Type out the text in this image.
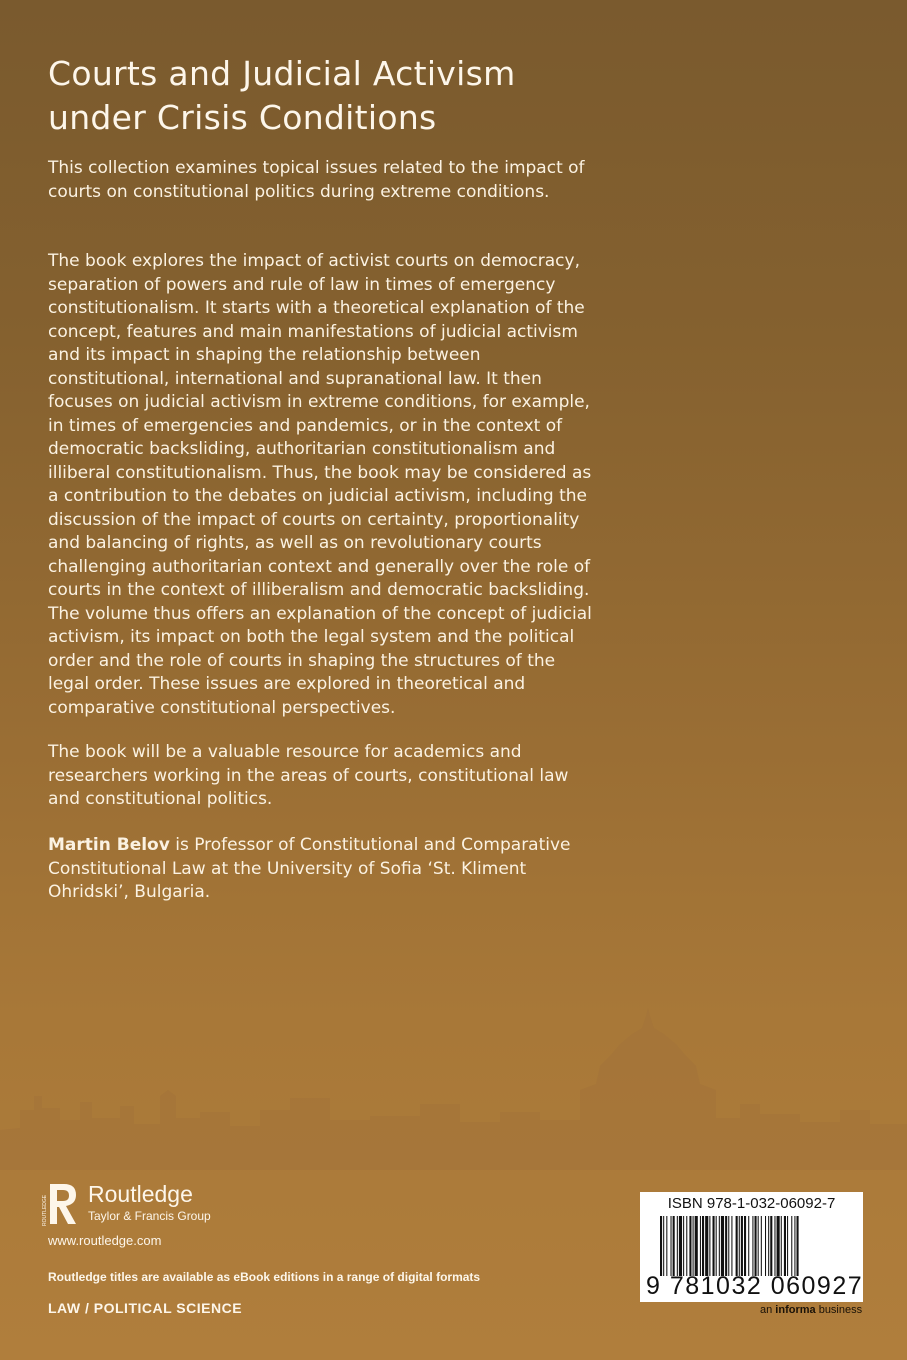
Courts and Judicial Activism under Crisis Conditions

This collection examines topical issues related to the impact of courts on constitutional politics during extreme conditions.

The book explores the impact of activist courts on democracy, separation of powers and rule of law in times of emergency constitutionalism. It starts with a theoretical explanation of the concept, features and main manifestations of judicial activism and its impact in shaping the relationship between constitutional, international and supranational law. It then focuses on judicial activism in extreme conditions, for example, in times of emergencies and pandemics, or in the context of democratic backsliding, authoritarian constitutionalism and illiberal constitutionalism. Thus, the book may be considered as a contribution to the debates on judicial activism, including the discussion of the impact of courts on certainty, proportionality and balancing of rights, as well as on revolutionary courts challenging authoritarian context and generally over the role of courts in the context of illiberalism and democratic backsliding. The volume thus offers an explanation of the concept of judicial activism, its impact on both the legal system and the political order and the role of courts in shaping the structures of the legal order. These issues are explored in theoretical and comparative constitutional perspectives.

The book will be a valuable resource for academics and researchers working in the areas of courts, constitutional law and constitutional politics.

Martin Belov is Professor of Constitutional and Comparative Constitutional Law at the University of Sofia ‘St. Kliment Ohridski’, Bulgaria.

ROUTLEDGE
Routledge
Taylor & Francis Group
www.routledge.com
Routledge titles are available as eBook editions in a range of digital formats
LAW / POLITICAL SCIENCE
ISBN 978-1-032-06092-7
9 781032 060927
an informa business
